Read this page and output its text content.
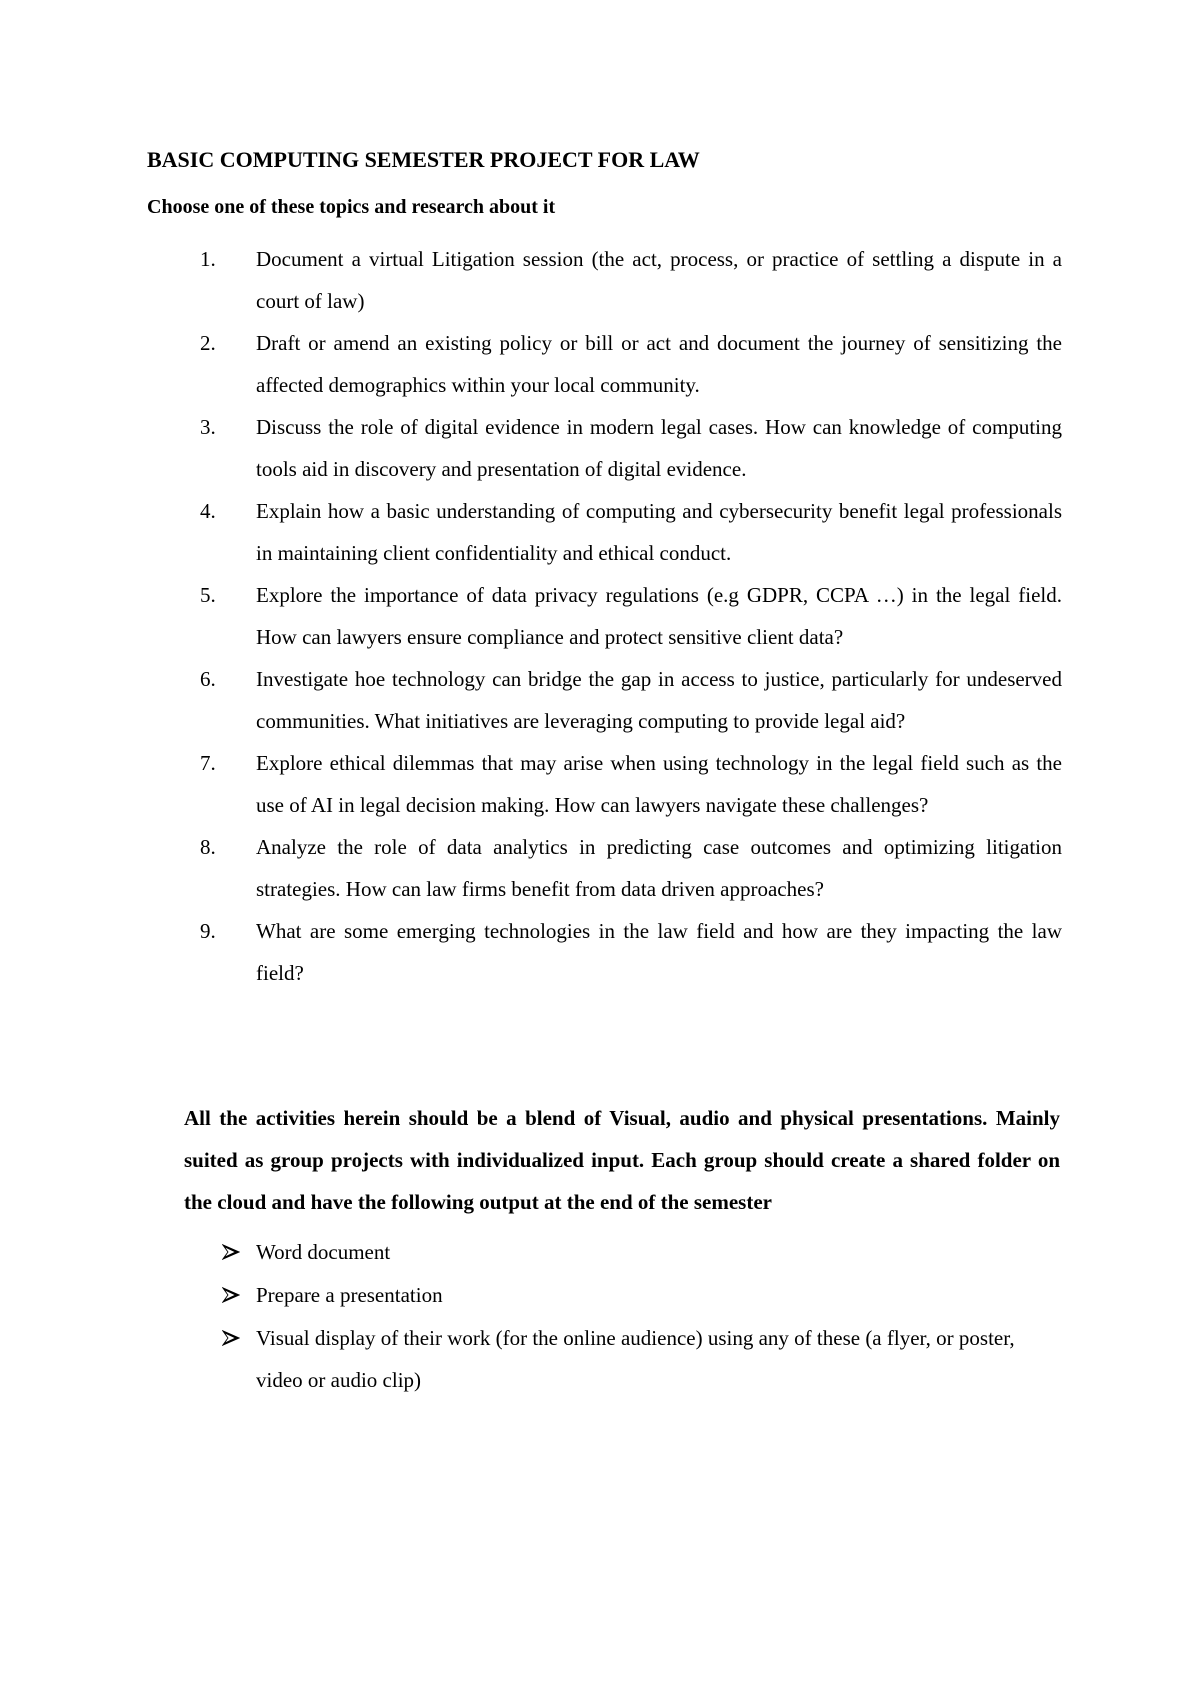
BASIC COMPUTING SEMESTER PROJECT FOR LAW
Choose one of these topics and research about it
1.	Document a virtual Litigation session (the act, process, or practice of settling a dispute in a court of law)
2.	Draft or amend an existing policy or bill or act and document the journey of sensitizing the affected demographics within your local community.
3.	Discuss the role of digital evidence in modern legal cases. How can knowledge of computing tools aid in discovery and presentation of digital evidence.
4.	Explain how a basic understanding of computing and cybersecurity benefit legal professionals in maintaining client confidentiality and ethical conduct.
5.	Explore the importance of data privacy regulations (e.g GDPR, CCPA …) in the legal field. How can lawyers ensure compliance and protect sensitive client data?
6.	Investigate hoe technology can bridge the gap in access to justice, particularly for undeserved communities. What initiatives are leveraging computing to provide legal aid?
7.	Explore ethical dilemmas that may arise when using technology in the legal field such as the use of AI in legal decision making. How can lawyers navigate these challenges?
8.	Analyze the role of data analytics in predicting case outcomes and optimizing litigation strategies. How can law firms benefit from data driven approaches?
9.	What are some emerging technologies in the law field and how are they impacting the law field?

All the activities herein should be a blend of Visual, audio and physical presentations. Mainly suited as group projects with individualized input. Each group should create a shared folder on the cloud and have the following output at the end of the semester

Word document
Prepare a presentation
Visual display of their work (for the online audience) using any of these (a flyer, or poster, video or audio clip)
